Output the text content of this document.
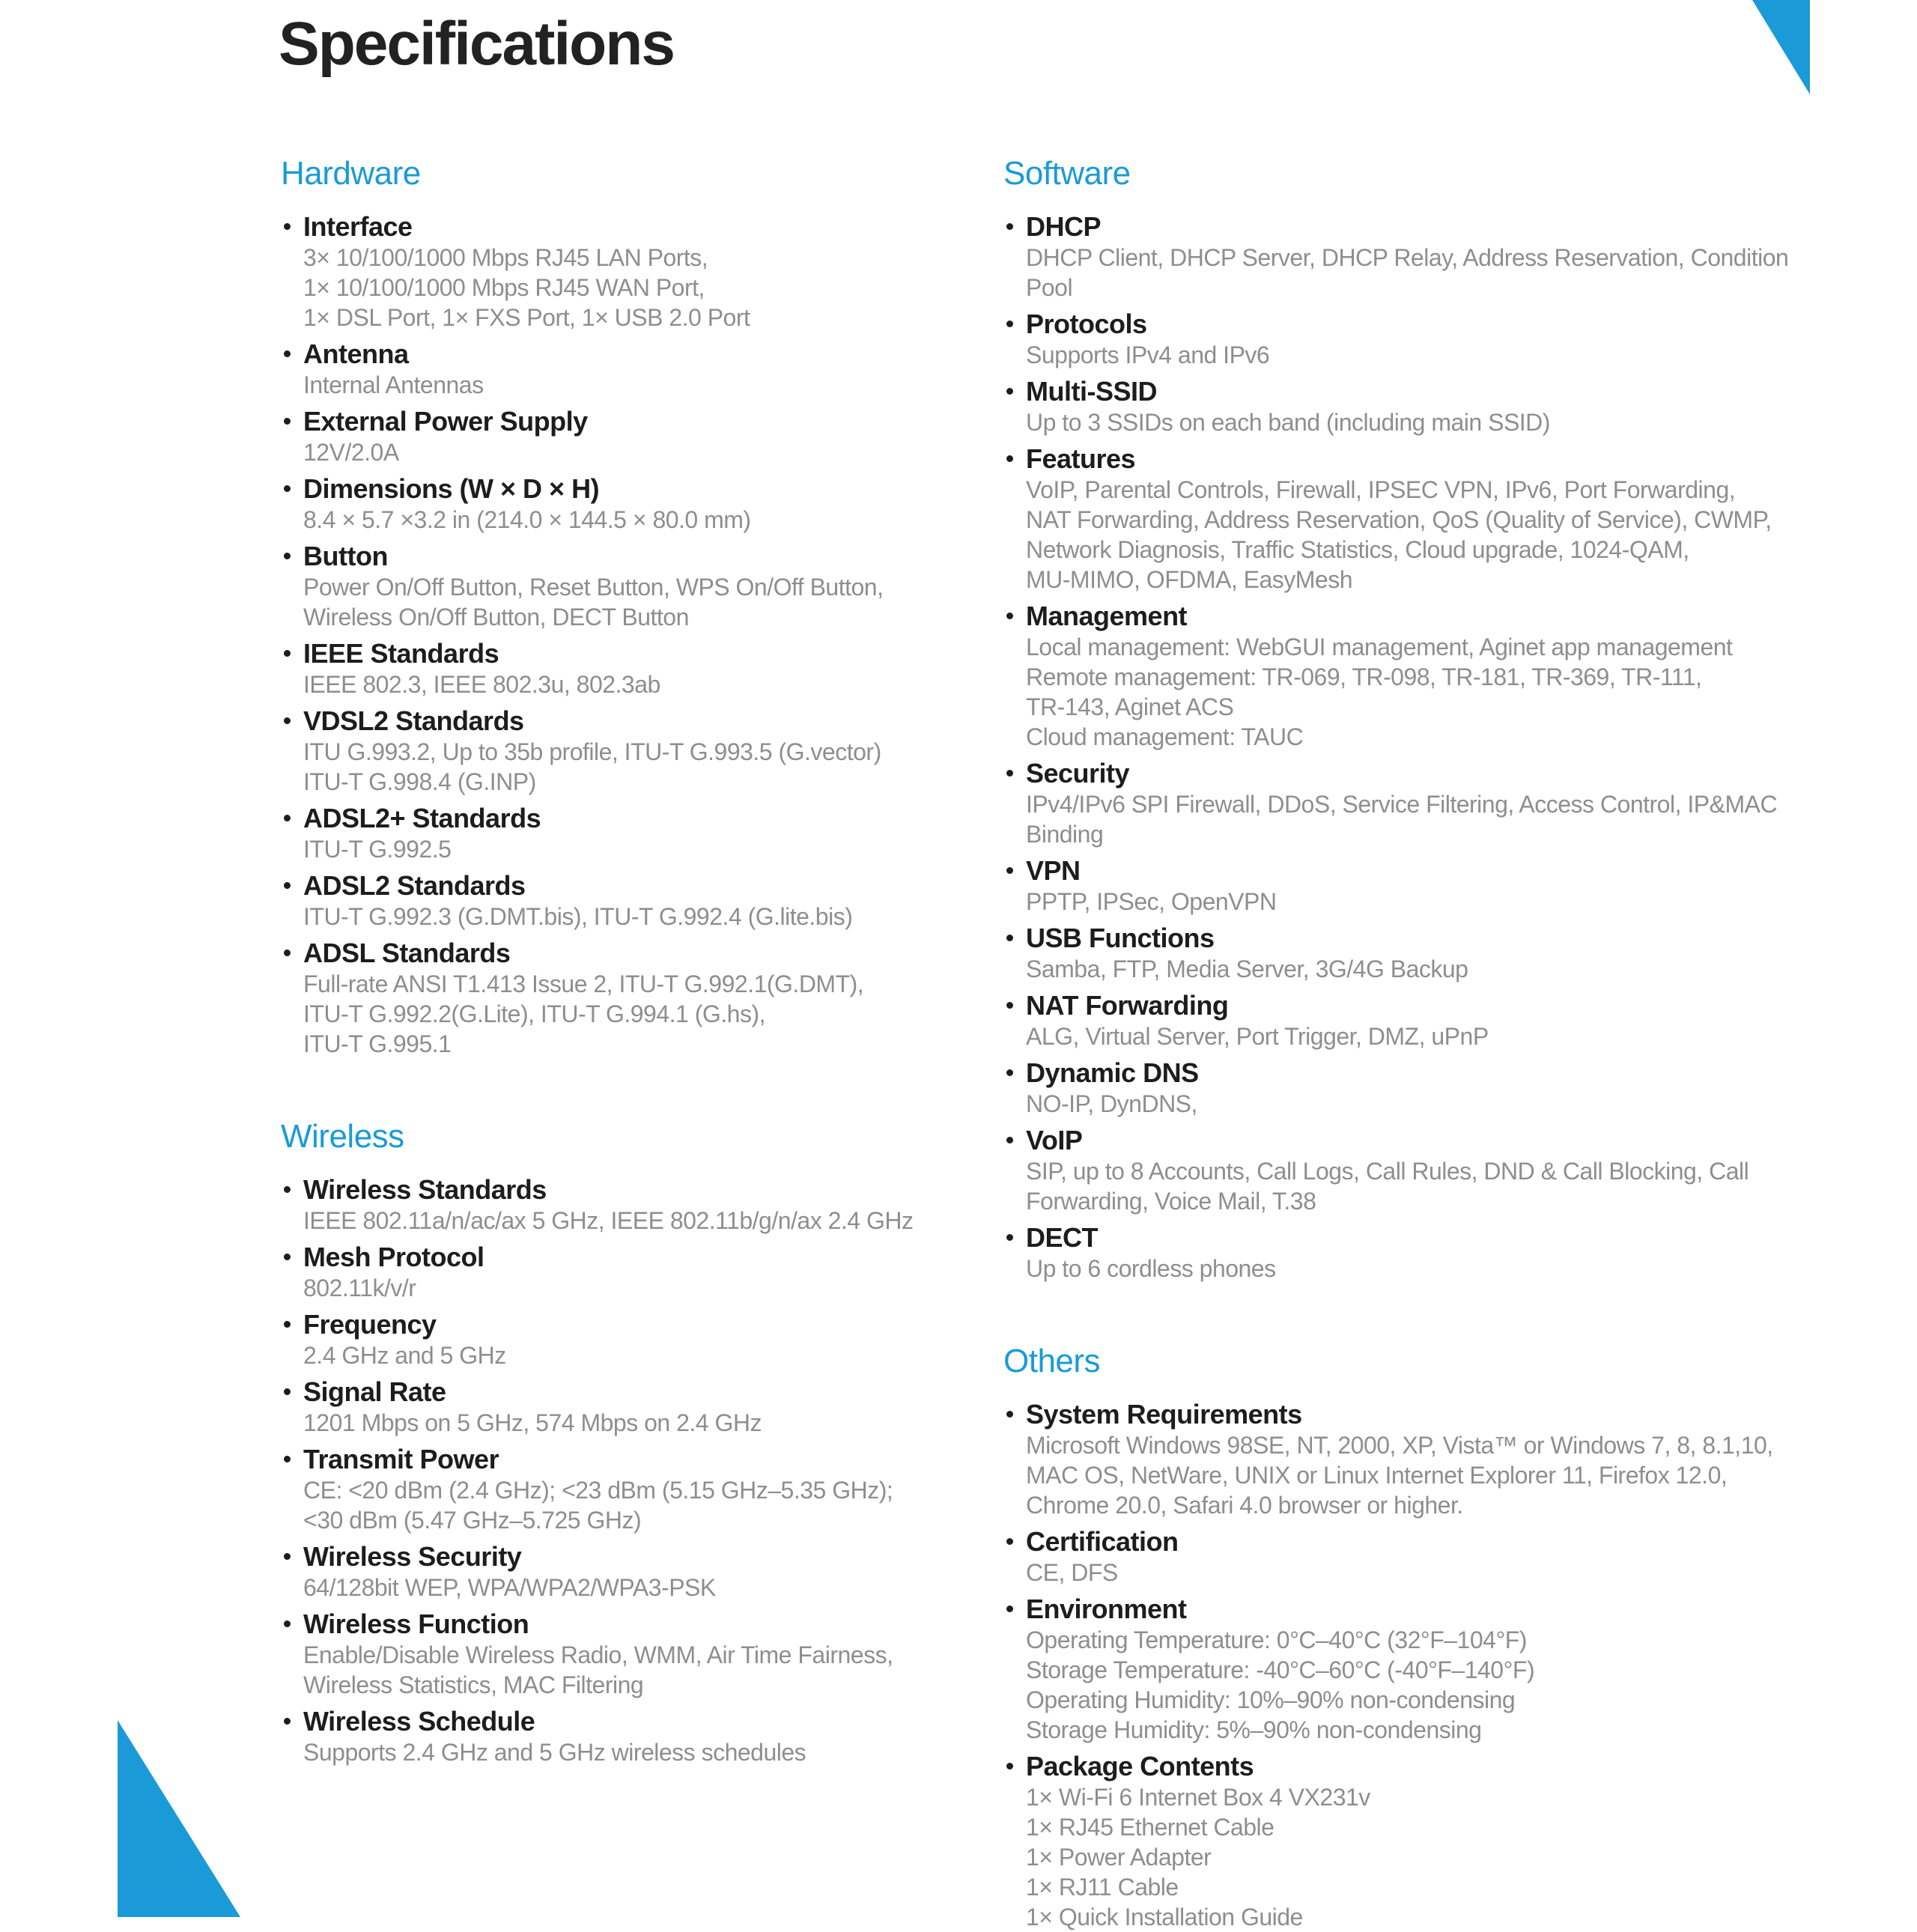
Specifications
Hardware
Interface
3× 10/100/1000 Mbps RJ45 LAN Ports,
1× 10/100/1000 Mbps RJ45 WAN Port,
1× DSL Port, 1× FXS Port, 1× USB 2.0 Port
Antenna
Internal Antennas
External Power Supply
12V/2.0A
Dimensions (W × D × H)
8.4 × 5.7 ×3.2 in (214.0 × 144.5 × 80.0 mm)
Button
Power On/Off Button, Reset Button, WPS On/Off Button,
Wireless On/Off Button, DECT Button
IEEE Standards
IEEE 802.3, IEEE 802.3u, 802.3ab
VDSL2 Standards
ITU G.993.2, Up to 35b profile, ITU-T G.993.5 (G.vector)
ITU-T G.998.4 (G.INP)
ADSL2+ Standards
ITU-T G.992.5
ADSL2 Standards
ITU-T G.992.3 (G.DMT.bis), ITU-T G.992.4 (G.lite.bis)
ADSL Standards
Full-rate ANSI T1.413 Issue 2, ITU-T G.992.1(G.DMT),
ITU-T G.992.2(G.Lite), ITU-T G.994.1 (G.hs),
ITU-T G.995.1
Wireless
Wireless Standards
IEEE 802.11a/n/ac/ax 5 GHz, IEEE 802.11b/g/n/ax 2.4 GHz
Mesh Protocol
802.11k/v/r
Frequency
2.4 GHz and 5 GHz
Signal Rate
1201 Mbps on 5 GHz, 574 Mbps on 2.4 GHz
Transmit Power
CE: <20 dBm (2.4 GHz); <23 dBm (5.15 GHz–5.35 GHz);
<30 dBm (5.47 GHz–5.725 GHz)
Wireless Security
64/128bit WEP, WPA/WPA2/WPA3-PSK
Wireless Function
Enable/Disable Wireless Radio, WMM, Air Time Fairness,
Wireless Statistics, MAC Filtering
Wireless Schedule
Supports 2.4 GHz and 5 GHz wireless schedules
Software
DHCP
DHCP Client, DHCP Server, DHCP Relay, Address Reservation, Condition
Pool
Protocols
Supports IPv4 and IPv6
Multi-SSID
Up to 3 SSIDs on each band (including main SSID)
Features
VoIP, Parental Controls, Firewall, IPSEC VPN, IPv6, Port Forwarding,
NAT Forwarding, Address Reservation, QoS (Quality of Service), CWMP,
Network Diagnosis, Traffic Statistics, Cloud upgrade, 1024-QAM,
MU-MIMO, OFDMA, EasyMesh
Management
Local management: WebGUI management, Aginet app management
Remote management: TR-069, TR-098, TR-181, TR-369, TR-111,
TR-143, Aginet ACS
Cloud management: TAUC
Security
IPv4/IPv6 SPI Firewall, DDoS, Service Filtering, Access Control, IP&MAC
Binding
VPN
PPTP, IPSec, OpenVPN
USB Functions
Samba, FTP, Media Server, 3G/4G Backup
NAT Forwarding
ALG, Virtual Server, Port Trigger, DMZ, uPnP
Dynamic DNS
NO-IP, DynDNS,
VoIP
SIP, up to 8 Accounts, Call Logs, Call Rules, DND & Call Blocking, Call
Forwarding, Voice Mail, T.38
DECT
Up to 6 cordless phones
Others
System Requirements
Microsoft Windows 98SE, NT, 2000, XP, Vista™ or Windows 7, 8, 8.1,10,
MAC OS, NetWare, UNIX or Linux Internet Explorer 11, Firefox 12.0,
Chrome 20.0, Safari 4.0 browser or higher.
Certification
CE, DFS
Environment
Operating Temperature: 0°C–40°C (32°F–104°F)
Storage Temperature: -40°C–60°C (-40°F–140°F)
Operating Humidity: 10%–90% non-condensing
Storage Humidity: 5%–90% non-condensing
Package Contents
1× Wi-Fi 6 Internet Box 4 VX231v
1× RJ45 Ethernet Cable
1× Power Adapter
1× RJ11 Cable
1× Quick Installation Guide
